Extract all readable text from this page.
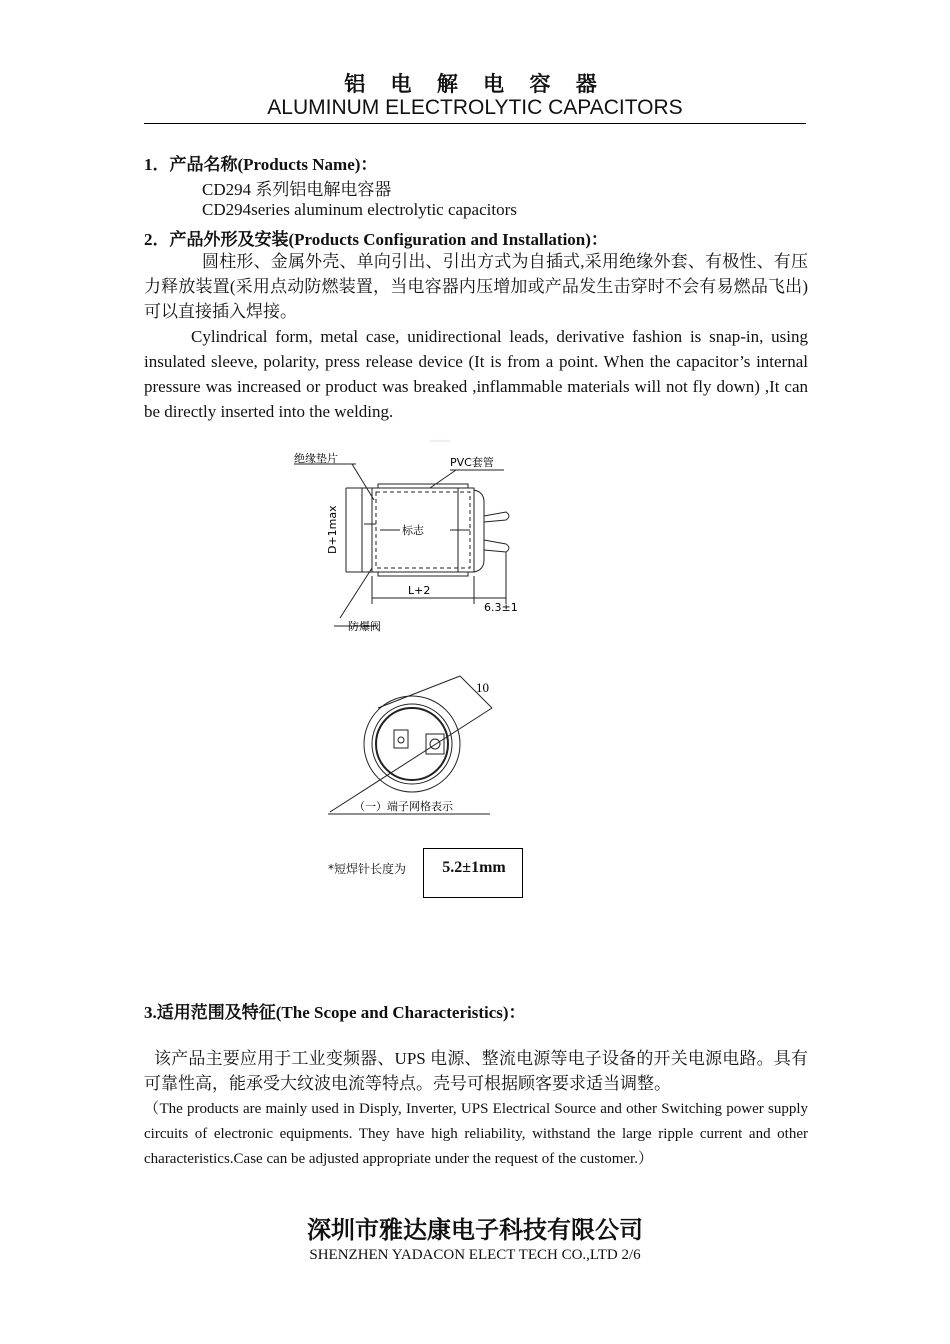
铝 电 解 电 容 器
ALUMINUM ELECTROLYTIC CAPACITORS
1．产品名称(Products Name)：
CD294 系列铝电解电容器
CD294series aluminum electrolytic capacitors
2．产品外形及安装(Products Configuration and Installation)：
圆柱形、金属外壳、单向引出、引出方式为自插式,采用绝缘外套、有极性、有压力释放装置(采用点动防燃装置，当电容器内压增加或产品发生击穿时不会有易燃品飞出)可以直接插入焊接。
Cylindrical form, metal case, unidirectional leads, derivative fashion is snap-in, using insulated sleeve, polarity, press release device (It is from a point. When the capacitor’s internal pressure was increased or product was breaked ,inflammable materials will not fly down) ,It can be directly inserted into the welding.
绝缘垫片	PVC套管
标志
D+1max
L+2
6.3±1
防爆阀
10
（一）端子网格表示
*短焊针长度为	5.2±1mm
3.适用范围及特征(The Scope and Characteristics)：
该产品主要应用于工业变频器、UPS 电源、整流电源等电子设备的开关电源电路。具有可靠性高，能承受大纹波电流等特点。壳号可根据顾客要求适当调整。
（The products are mainly used in Disply, Inverter, UPS Electrical Source and other Switching power supply circuits of electronic equipments. They have high reliability, withstand the large ripple current and other characteristics.Case can be adjusted appropriate under the request of the customer.）
深圳市雅达康电子科技有限公司
SHENZHEN YADACON ELECT TECH CO.,LTD 2/6
